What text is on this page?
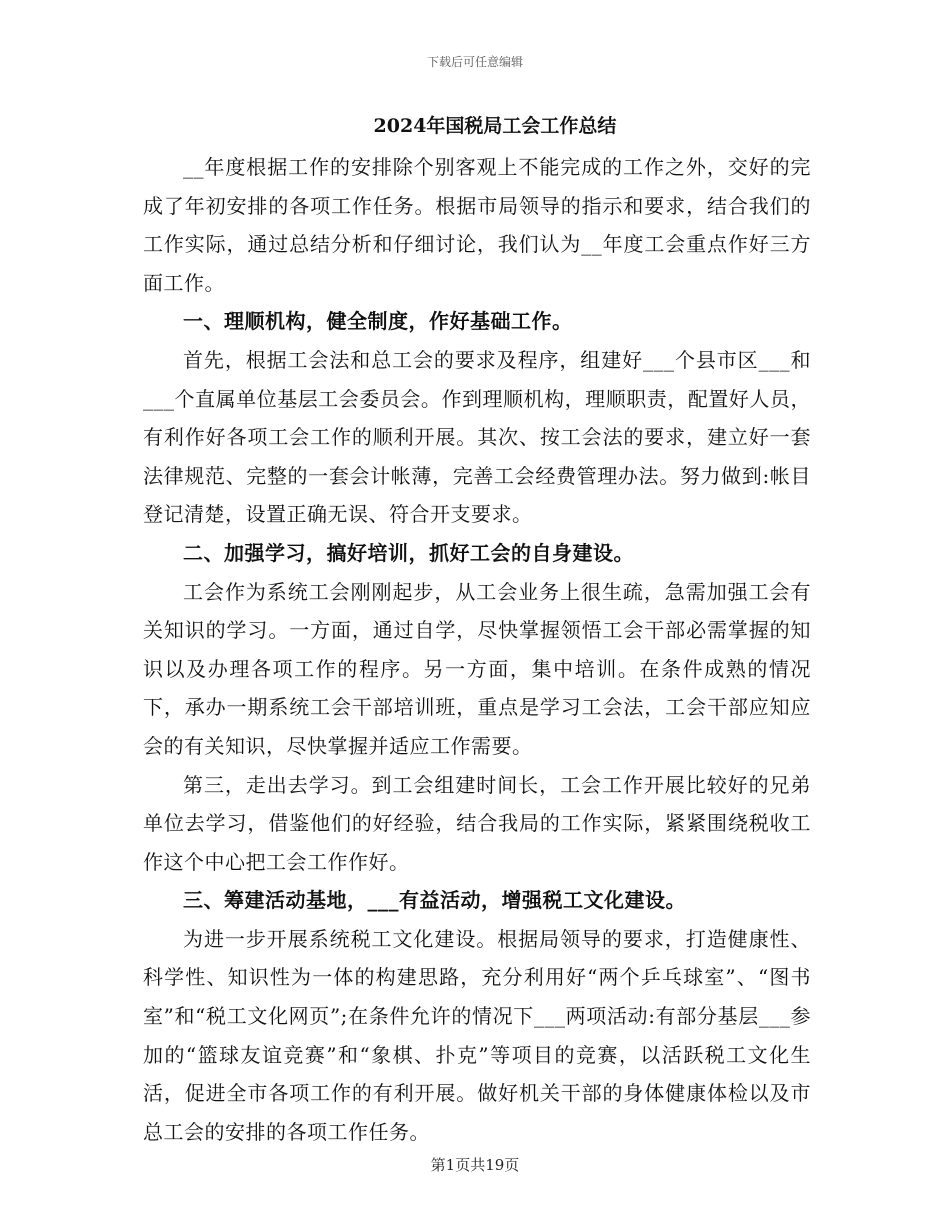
下载后可任意编辑
2024年国税局工会工作总结

__年度根据工作的安排除个别客观上不能完成的工作之外，交好的完成了年初安排的各项工作任务。根据市局领导的指示和要求，结合我们的工作实际，通过总结分析和仔细讨论，我们认为__年度工会重点作好三方面工作。

一、理顺机构，健全制度，作好基础工作。

首先，根据工会法和总工会的要求及程序，组建好___个县市区___和___个直属单位基层工会委员会。作到理顺机构，理顺职责，配置好人员，有利作好各项工会工作的顺利开展。其次、按工会法的要求，建立好一套法律规范、完整的一套会计帐薄，完善工会经费管理办法。努力做到:帐目登记清楚，设置正确无误、符合开支要求。

二、加强学习，搞好培训，抓好工会的自身建设。

工会作为系统工会刚刚起步，从工会业务上很生疏，急需加强工会有关知识的学习。一方面，通过自学，尽快掌握领悟工会干部必需掌握的知识以及办理各项工作的程序。另一方面，集中培训。在条件成熟的情况下，承办一期系统工会干部培训班，重点是学习工会法，工会干部应知应会的有关知识，尽快掌握并适应工作需要。

第三，走出去学习。到工会组建时间长，工会工作开展比较好的兄弟单位去学习，借鉴他们的好经验，结合我局的工作实际，紧紧围绕税收工作这个中心把工会工作作好。

三、筹建活动基地，___有益活动，增强税工文化建设。

为进一步开展系统税工文化建设。根据局领导的要求，打造健康性、科学性、知识性为一体的构建思路，充分利用好“两个乒乓球室”、“图书室”和“税工文化网页”;在条件允许的情况下___两项活动:有部分基层___参加的“篮球友谊竞赛”和“象棋、扑克”等项目的竞赛，以活跃税工文化生活，促进全市各项工作的有利开展。做好机关干部的身体健康体检以及市总工会的安排的各项工作任务。

第1页共19页
